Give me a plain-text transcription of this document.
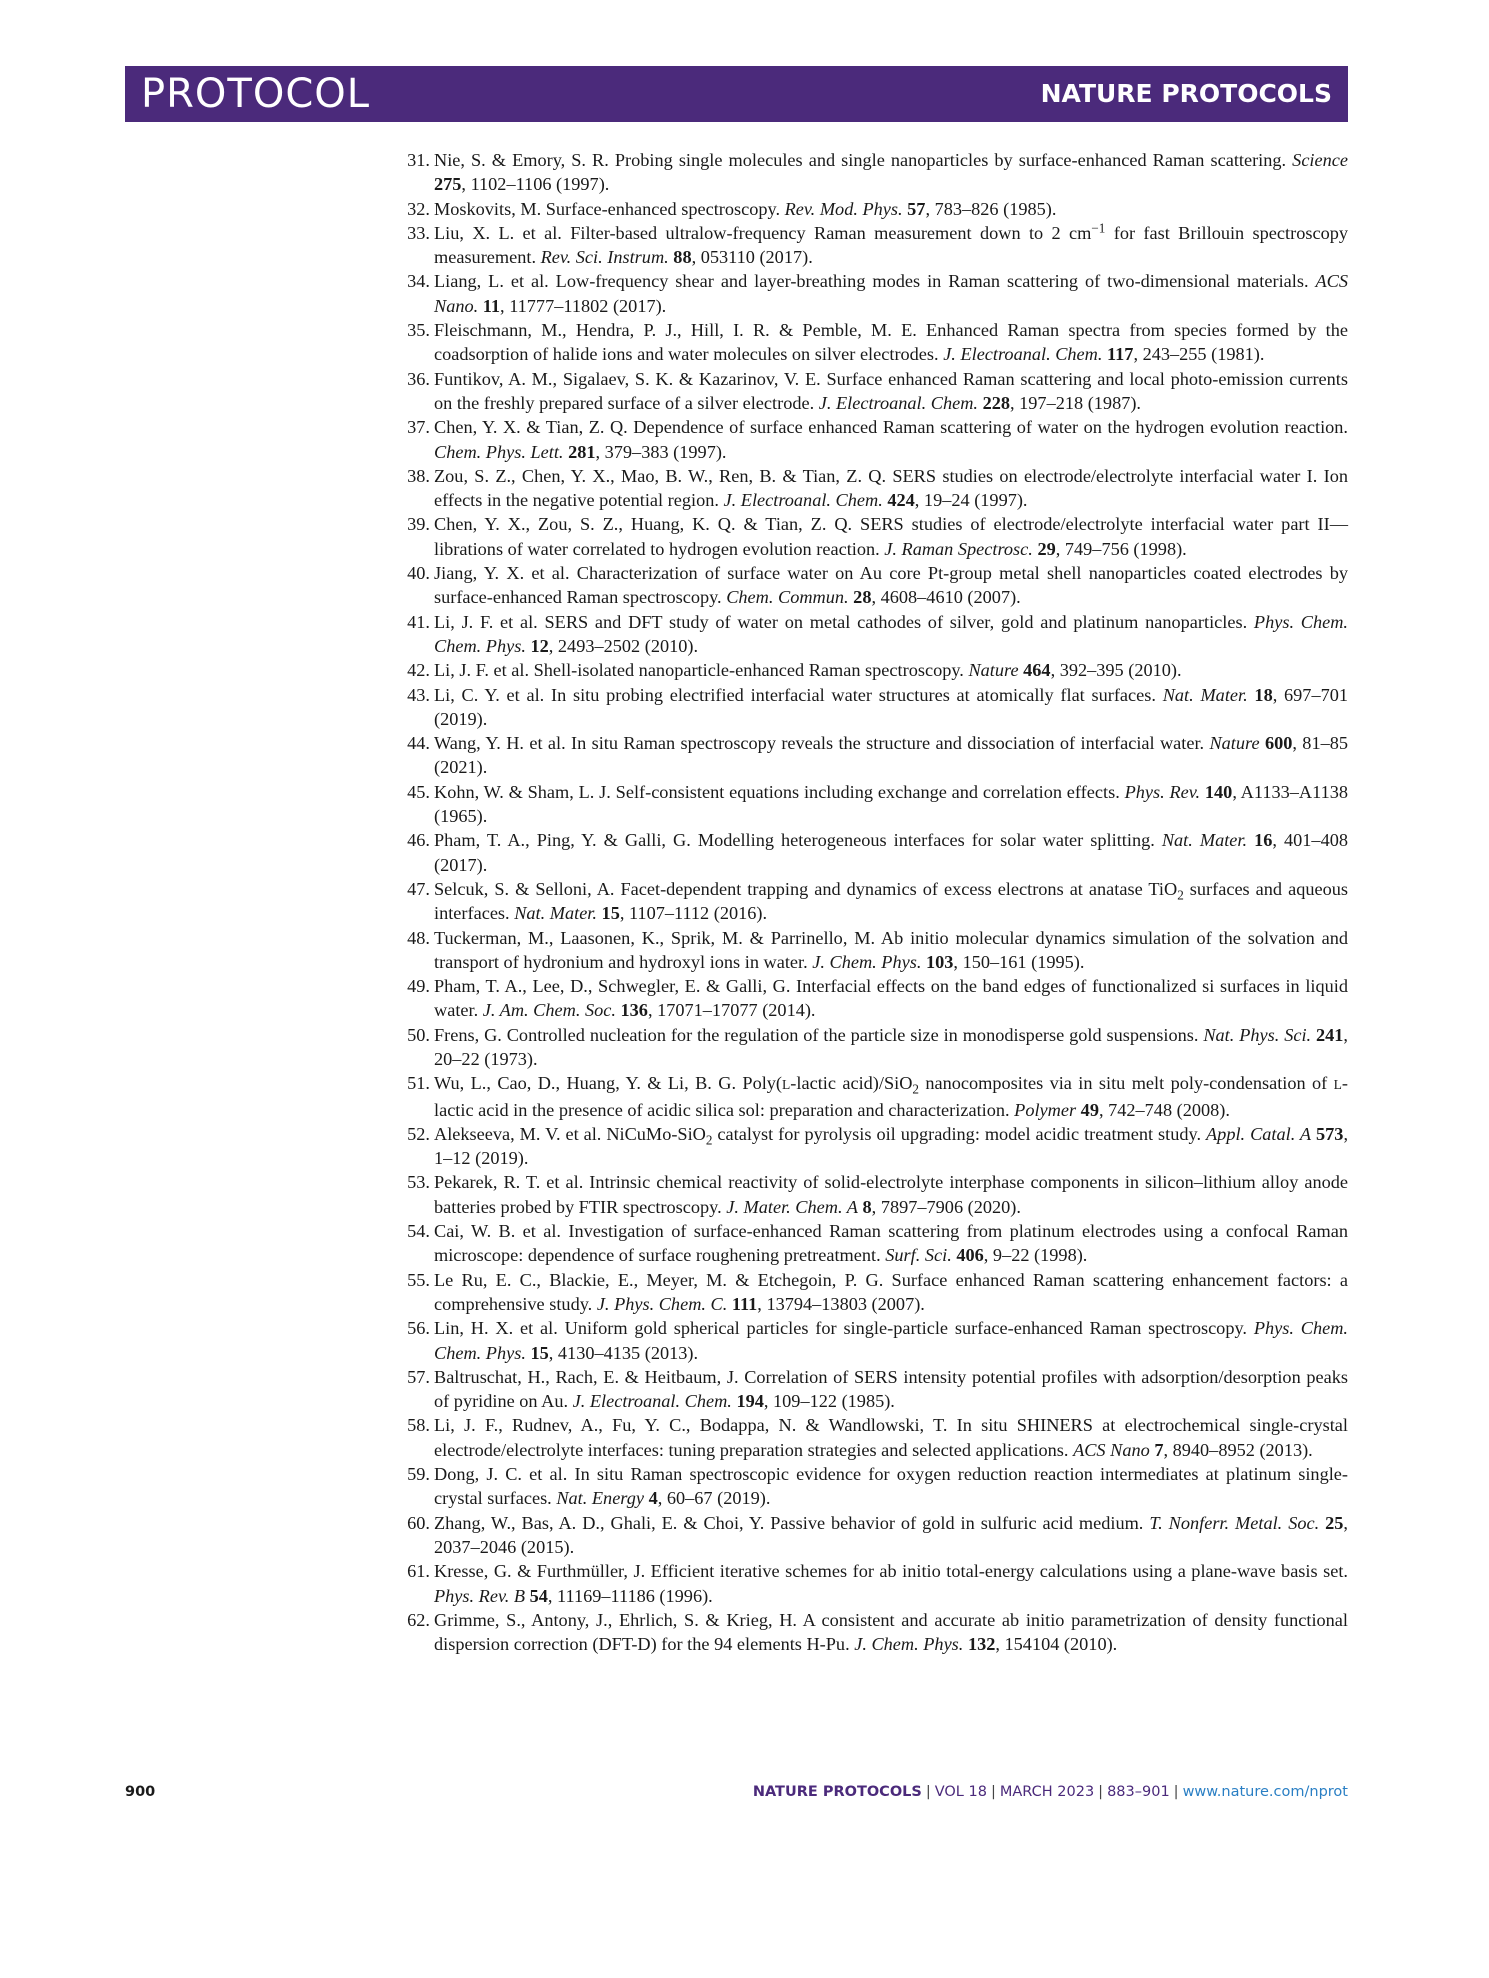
PROTOCOL	NATURE PROTOCOLS
31. Nie, S. & Emory, S. R. Probing single molecules and single nanoparticles by surface-enhanced Raman scattering. Science 275, 1102–1106 (1997).
32. Moskovits, M. Surface-enhanced spectroscopy. Rev. Mod. Phys. 57, 783–826 (1985).
33. Liu, X. L. et al. Filter-based ultralow-frequency Raman measurement down to 2 $cm^{-1}$ for fast Brillouin spectroscopy measurement. Rev. Sci. Instrum. 88, 053110 (2017).
34. Liang, L. et al. Low-frequency shear and layer-breathing modes in Raman scattering of two-dimensional materials. ACS Nano. 11, 11777–11802 (2017).
35. Fleischmann, M., Hendra, P. J., Hill, I. R. & Pemble, M. E. Enhanced Raman spectra from species formed by the coadsorption of halide ions and water molecules on silver electrodes. J. Electroanal. Chem. 117, 243–255 (1981).
36. Funtikov, A. M., Sigalaev, S. K. & Kazarinov, V. E. Surface enhanced Raman scattering and local photo-emission currents on the freshly prepared surface of a silver electrode. J. Electroanal. Chem. 228, 197–218 (1987).
37. Chen, Y. X. & Tian, Z. Q. Dependence of surface enhanced Raman scattering of water on the hydrogen evolution reaction. Chem. Phys. Lett. 281, 379–383 (1997).
38. Zou, S. Z., Chen, Y. X., Mao, B. W., Ren, B. & Tian, Z. Q. SERS studies on electrode/electrolyte interfacial water I. Ion effects in the negative potential region. J. Electroanal. Chem. 424, 19–24 (1997).
39. Chen, Y. X., Zou, S. Z., Huang, K. Q. & Tian, Z. Q. SERS studies of electrode/electrolyte interfacial water part II—librations of water correlated to hydrogen evolution reaction. J. Raman Spectrosc. 29, 749–756 (1998).
40. Jiang, Y. X. et al. Characterization of surface water on Au core Pt-group metal shell nanoparticles coated electrodes by surface-enhanced Raman spectroscopy. Chem. Commun. 28, 4608–4610 (2007).
41. Li, J. F. et al. SERS and DFT study of water on metal cathodes of silver, gold and platinum nanoparticles. Phys. Chem. Chem. Phys. 12, 2493–2502 (2010).
42. Li, J. F. et al. Shell-isolated nanoparticle-enhanced Raman spectroscopy. Nature 464, 392–395 (2010).
43. Li, C. Y. et al. In situ probing electrified interfacial water structures at atomically flat surfaces. Nat. Mater. 18, 697–701 (2019).
44. Wang, Y. H. et al. In situ Raman spectroscopy reveals the structure and dissociation of interfacial water. Nature 600, 81–85 (2021).
45. Kohn, W. & Sham, L. J. Self-consistent equations including exchange and correlation effects. Phys. Rev. 140, A1133–A1138 (1965).
46. Pham, T. A., Ping, Y. & Galli, G. Modelling heterogeneous interfaces for solar water splitting. Nat. Mater. 16, 401–408 (2017).
47. Selcuk, S. & Selloni, A. Facet-dependent trapping and dynamics of excess electrons at anatase TiO$_2$ surfaces and aqueous interfaces. Nat. Mater. 15, 1107–1112 (2016).
48. Tuckerman, M., Laasonen, K., Sprik, M. & Parrinello, M. Ab initio molecular dynamics simulation of the solvation and transport of hydronium and hydroxyl ions in water. J. Chem. Phys. 103, 150–161 (1995).
49. Pham, T. A., Lee, D., Schwegler, E. & Galli, G. Interfacial effects on the band edges of functionalized si surfaces in liquid water. J. Am. Chem. Soc. 136, 17071–17077 (2014).
50. Frens, G. Controlled nucleation for the regulation of the particle size in monodisperse gold suspensions. Nat. Phys. Sci. 241, 20–22 (1973).
51. Wu, L., Cao, D., Huang, Y. & Li, B. G. Poly(L-lactic acid)/SiO$_2$ nanocomposites via in situ melt poly-condensation of L-lactic acid in the presence of acidic silica sol: preparation and characterization. Polymer 49, 742–748 (2008).
52. Alekseeva, M. V. et al. NiCuMo-SiO$_2$ catalyst for pyrolysis oil upgrading: model acidic treatment study. Appl. Catal. A 573, 1–12 (2019).
53. Pekarek, R. T. et al. Intrinsic chemical reactivity of solid-electrolyte interphase components in silicon–lithium alloy anode batteries probed by FTIR spectroscopy. J. Mater. Chem. A 8, 7897–7906 (2020).
54. Cai, W. B. et al. Investigation of surface-enhanced Raman scattering from platinum electrodes using a confocal Raman microscope: dependence of surface roughening pretreatment. Surf. Sci. 406, 9–22 (1998).
55. Le Ru, E. C., Blackie, E., Meyer, M. & Etchegoin, P. G. Surface enhanced Raman scattering enhancement factors: a comprehensive study. J. Phys. Chem. C. 111, 13794–13803 (2007).
56. Lin, H. X. et al. Uniform gold spherical particles for single-particle surface-enhanced Raman spectroscopy. Phys. Chem. Chem. Phys. 15, 4130–4135 (2013).
57. Baltruschat, H., Rach, E. & Heitbaum, J. Correlation of SERS intensity potential profiles with adsorption/desorption peaks of pyridine on Au. J. Electroanal. Chem. 194, 109–122 (1985).
58. Li, J. F., Rudnev, A., Fu, Y. C., Bodappa, N. & Wandlowski, T. In situ SHINERS at electrochemical single-crystal electrode/electrolyte interfaces: tuning preparation strategies and selected applications. ACS Nano 7, 8940–8952 (2013).
59. Dong, J. C. et al. In situ Raman spectroscopic evidence for oxygen reduction reaction intermediates at platinum single-crystal surfaces. Nat. Energy 4, 60–67 (2019).
60. Zhang, W., Bas, A. D., Ghali, E. & Choi, Y. Passive behavior of gold in sulfuric acid medium. T. Nonferr. Metal. Soc. 25, 2037–2046 (2015).
61. Kresse, G. & Furthmüller, J. Efficient iterative schemes for ab initio total-energy calculations using a plane-wave basis set. Phys. Rev. B 54, 11169–11186 (1996).
62. Grimme, S., Antony, J., Ehrlich, S. & Krieg, H. A consistent and accurate ab initio parametrization of density functional dispersion correction (DFT-D) for the 94 elements H-Pu. J. Chem. Phys. 132, 154104 (2010).
900	NATURE PROTOCOLS | VOL 18 | MARCH 2023 | 883–901 | www.nature.com/nprot
